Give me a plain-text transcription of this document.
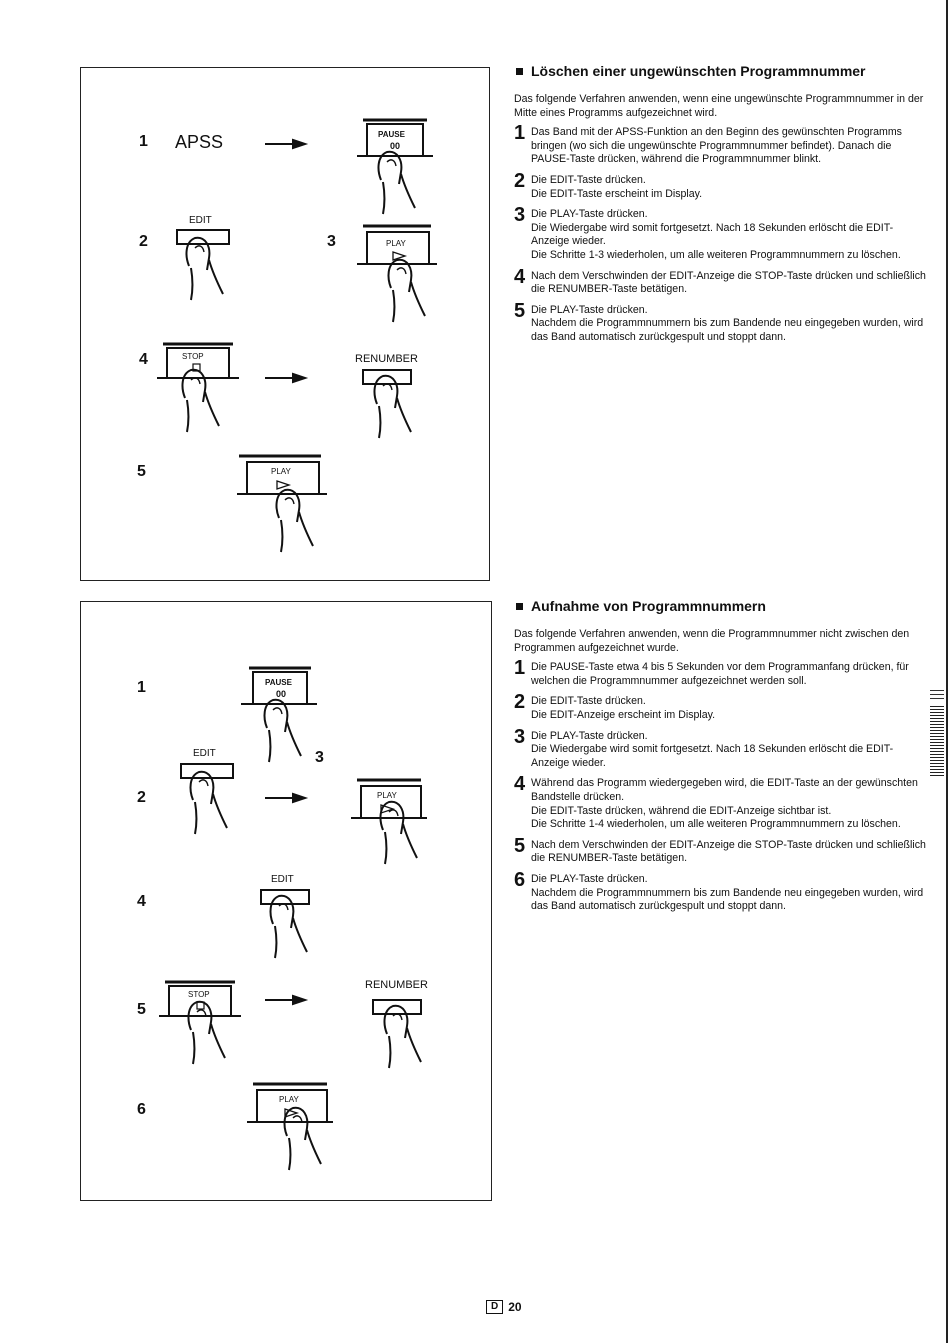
1
2	3
4
5
APSS	PAUSE
00
EDIT
PLAY
STOP	RENUMBER
PLAY
1
2
3
4
5
6
PAUSE
00
EDIT
PLAY
EDIT
STOP
RENUMBER
PLAY
Löschen einer ungewünschten Programmnummer

Das folgende Verfahren anwenden, wenn eine ungewünschte Programmnummer in der Mitte eines Programms aufgezeichnet wird.

1 Das Band mit der APSS-Funktion an den Beginn des gewünschten Programms bringen (wo sich die ungewünschte Programmnummer befindet). Danach die PAUSE-Taste drücken, während die Programmnummer blinkt.
2 Die EDIT-Taste drücken.
Die EDIT-Taste erscheint im Display.
3 Die PLAY-Taste drücken.
Die Wiedergabe wird somit fortgesetzt. Nach 18 Sekunden erlöscht die EDIT-Anzeige wieder.
Die Schritte 1-3 wiederholen, um alle weiteren Programmnummern zu löschen.
4 Nach dem Verschwinden der EDIT-Anzeige die STOP-Taste drücken und schließlich die RENUMBER-Taste betätigen.
5 Die PLAY-Taste drücken.
Nachdem die Programmnummern bis zum Bandende neu eingegeben wurden, wird das Band automatisch zurückgespult und stoppt dann.
Aufnahme von Programmnummern

Das folgende Verfahren anwenden, wenn die Programmnummer nicht zwischen den Programmen aufgezeichnet wurde.

1 Die PAUSE-Taste etwa 4 bis 5 Sekunden vor dem Programmanfang drücken, für welchen die Programmnummer aufgezeichnet werden soll.
2 Die EDIT-Taste drücken.
Die EDIT-Anzeige erscheint im Display.
3 Die PLAY-Taste drücken.
Die Wiedergabe wird somit fortgesetzt. Nach 18 Sekunden erlöscht die EDIT-Anzeige wieder.
4 Während das Programm wiedergegeben wird, die EDIT-Taste an der gewünschten Bandstelle drücken.
Die EDIT-Taste drücken, während die EDIT-Anzeige sichtbar ist.
Die Schritte 1-4 wiederholen, um alle weiteren Programmnummern zu löschen.
5 Nach dem Verschwinden der EDIT-Anzeige die STOP-Taste drücken und schließlich die RENUMBER-Taste betätigen.
6 Die PLAY-Taste drücken.
Nachdem die Programmnummern bis zum Bandende neu eingegeben wurden, wird das Band automatisch zurückgespult und stoppt dann.
D 20
